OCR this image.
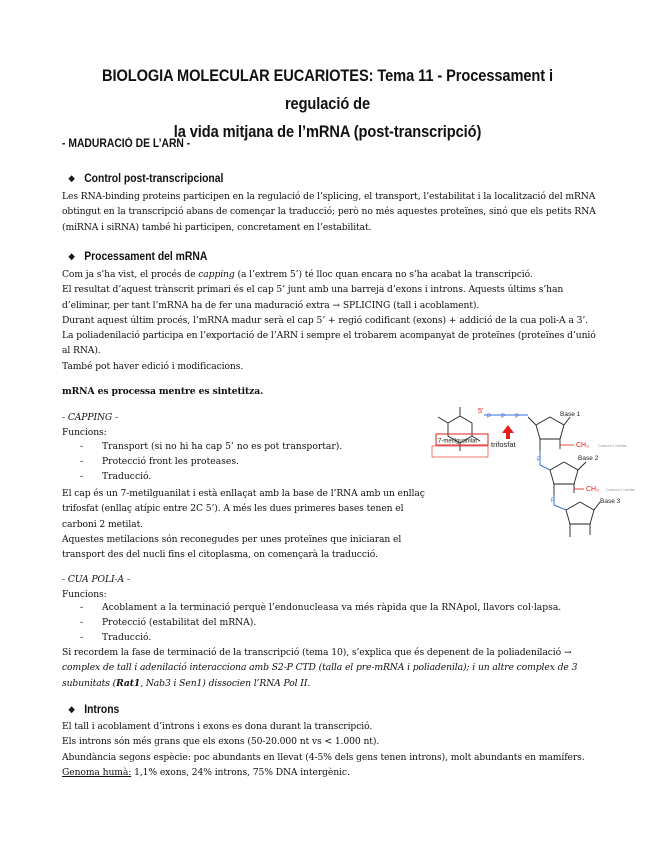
BIOLOGIA MOLECULAR EUCARIOTES: Tema 11 - Processament i regulació de
la vida mitjana de l’mRNA (post-transcripció)
- MADURACIÓ DE L’ARN -
❖ Control post-transcripcional
Les RNA-binding proteins participen en la regulació de l’splicing, el transport, l’estabilitat i la localització del mRNA
obtingut en la transcripció abans de començar la traducció; però no més aquestes proteïnes, sinó que els petits RNA
(miRNA i siRNA) també hi participen, concretament en l’estabilitat.
❖ Processament del mRNA
Com ja s’ha vist, el procés de capping (a l’extrem 5’) té lloc quan encara no s’ha acabat la transcripció.
El resultat d’aquest trànscrit primari és el cap 5’ junt amb una barreja d’exons i introns. Aquests últims s’han
d’eliminar, per tant l’mRNA ha de fer una maduració extra → SPLICING (tall i acoblament).
Durant aquest últim procés, l’mRNA madur serà el cap 5’ + regió codificant (exons) + addició de la cua poli-A a 3’.
La poliadenilació participa en l’exportació de l’ARN i sempre el trobarem acompanyat de proteïnes (proteïnes d’unió
al RNA).
També pot haver edició i modificacions.
mRNA es processa mentre es sintetitza.
- CAPPING -
Funcions:
- Transport (si no hi ha cap 5’ no es pot transportar).
- Protecció front les proteases.
- Traducció.
El cap és un 7-metilguanilat i està enllaçat amb la base de l’RNA amb un enllaç
trifosfat (enllaç atípic entre 2C 5’). A més les dues primeres bases tenen el
carboni 2 metilat.
Aquestes metilacions són reconegudes per unes proteïnes que iniciaran el
transport des del nucli fins el citoplasma, on començarà la traducció.
5'
P P P
P
P
trifosfat
7-metilguanilat
Base 1
Base 2
Base 3
CH₃ Carboni 2 metilat
CH₃ Carboni 2 metilat
- CUA POLI-A -
Funcions:
- Acoblament a la terminació perquè l’endonucleasa va més ràpida que la RNApol, llavors col·lapsa.
- Protecció (estabilitat del mRNA).
- Traducció.
Si recordem la fase de terminació de la transcripció (tema 10), s’explica que és depenent de la poliadenilació →
complex de tall i adenilació interacciona amb S2-P CTD (talla el pre-mRNA i poliadenila); i un altre complex de 3
subunitats (Rat1, Nab3 i Sen1) dissocien l’RNA Pol II.
❖ Introns
El tall i acoblament d’introns i exons es dona durant la transcripció.
Els introns són més grans que els exons (50-20.000 nt vs < 1.000 nt).
Abundància segons espècie: poc abundants en llevat (4-5% dels gens tenen introns), molt abundants en mamífers.
Genoma humà: 1,1% exons, 24% introns, 75% DNA intergènic.
